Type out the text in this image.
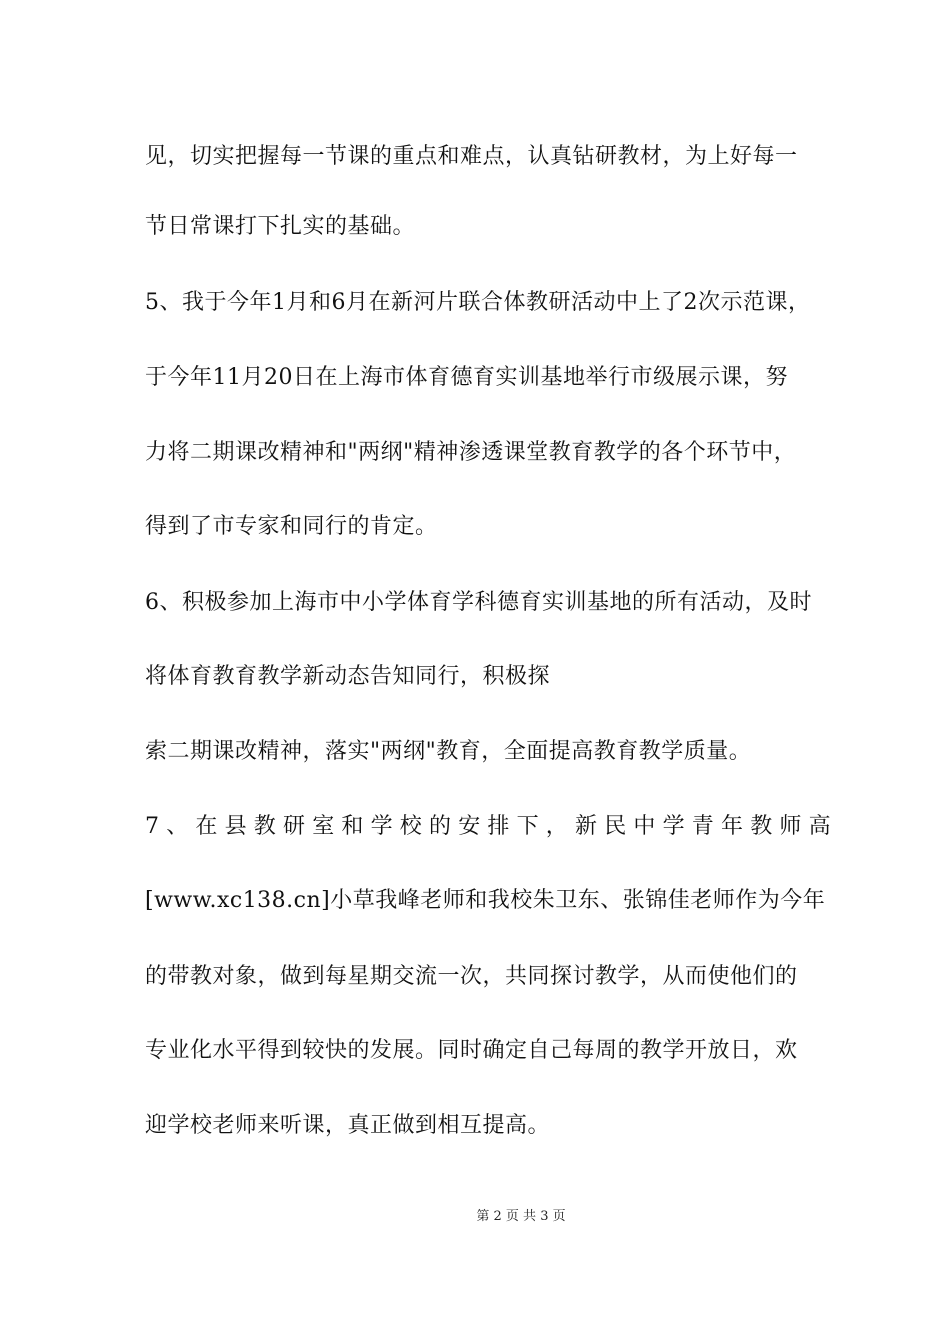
见，切实把握每一节课的重点和难点，认真钻研教材，为上好每一
节日常课打下扎实的基础。
5、我于今年1月和6月在新河片联合体教研活动中上了2次示范课，
于今年11月20日在上海市体育德育实训基地举行市级展示课，努
力将二期课改精神和"两纲"精神渗透课堂教育教学的各个环节中，
得到了市专家和同行的肯定。
6、积极参加上海市中小学体育学科德育实训基地的所有活动，及时
将体育教育教学新动态告知同行，积极探
索二期课改精神，落实"两纲"教育，全面提高教育教学质量。
7、在县教研室和学校的安排下，新民中学青年教师高
[www.xc138.cn]小草我峰老师和我校朱卫东、张锦佳老师作为今年
的带教对象，做到每星期交流一次，共同探讨教学，从而使他们的
专业化水平得到较快的发展。同时确定自己每周的教学开放日，欢
迎学校老师来听课，真正做到相互提高。
第 2 页 共 3 页
